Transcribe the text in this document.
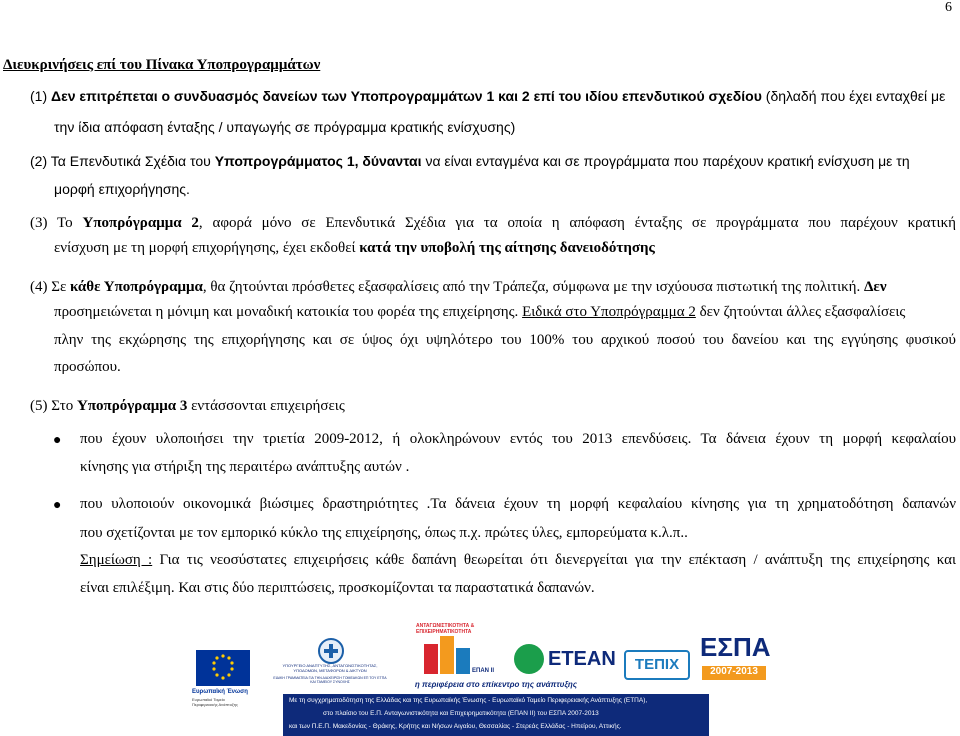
6
Διευκρινήσεις επί του Πίνακα Υποπρογραμμάτων
(1) Δεν επιτρέπεται ο συνδυασμός δανείων των Υποπρογραμμάτων 1 και 2 επί του ιδίου επενδυτικού σχεδίου (δηλαδή που έχει ενταχθεί με
την ίδια απόφαση ένταξης / υπαγωγής σε πρόγραμμα κρατικής ενίσχυσης)
(2) Τα Επενδυτικά Σχέδια του Υποπρογράμματος 1, δύνανται να είναι ενταγμένα και σε προγράμματα που παρέχουν κρατική ενίσχυση με τη
μορφή επιχορήγησης.
(3) Το Υποπρόγραμμα 2, αφορά μόνο σε Επενδυτικά Σχέδια για τα οποία η απόφαση ένταξης σε προγράμματα που παρέχουν κρατική
ενίσχυση με τη μορφή επιχορήγησης, έχει εκδοθεί κατά την υποβολή της αίτησης δανειοδότησης
(4) Σε κάθε Υποπρόγραμμα, θα ζητούνται πρόσθετες εξασφαλίσεις από την Τράπεζα, σύμφωνα με την ισχύουσα πιστωτική της πολιτική. Δεν
προσημειώνεται η μόνιμη και μοναδική κατοικία του φορέα της επιχείρησης. Ειδικά στο Υποπρόγραμμα 2 δεν ζητούνται άλλες εξασφαλίσεις
πλην της εκχώρησης της επιχορήγησης και σε ύψος όχι υψηλότερο του 100% του αρχικού ποσού του δανείου και της εγγύησης φυσικού
προσώπου.
(5) Στο Υποπρόγραμμα 3 εντάσσονται επιχειρήσεις
● που έχουν υλοποιήσει την τριετία 2009-2012, ή ολοκληρώνουν εντός του 2013 επενδύσεις. Τα δάνεια έχουν τη μορφή κεφαλαίου
κίνησης για στήριξη της περαιτέρω ανάπτυξης αυτών .
● που υλοποιούν οικονομικά βιώσιμες δραστηριότητες .Τα δάνεια έχουν τη μορφή κεφαλαίου κίνησης για τη χρηματοδότηση δαπανών
που σχετίζονται με τον εμπορικό κύκλο της επιχείρησης, όπως π.χ. πρώτες ύλες, εμπορεύματα κ.λ.π..
Σημείωση : Για τις νεοσύστατες επιχειρήσεις κάθε δαπάνη θεωρείται ότι διενεργείται για την επέκταση / ανάπτυξη της επιχείρησης και
είναι επιλέξιμη. Και στις δύο περιπτώσεις, προσκομίζονται τα παραστατικά δαπανών.
Ευρωπαϊκή Ένωση
Ευρωπαϊκό Ταμείο
Περιφερειακής Ανάπτυξης
ΥΠΟΥΡΓΕΙΟ ΑΝΑΠΤΥΞΗΣ, ΑΝΤΑΓΩΝΙΣΤΙΚΟΤΗΤΑΣ, ΥΠΟΔΟΜΩΝ, ΜΕΤΑΦΟΡΩΝ & ΔΙΚΤΥΩΝ
ΕΙΔΙΚΗ ΓΡΑΜΜΑΤΕΙΑ ΓΙΑ ΤΗΝ ΔΙΑΧΕΙΡΙΣΗ ΤΟΜΕΑΚΩΝ ΕΠ ΤΟΥ ΕΤΠΑ ΚΑΙ ΤΑΜΕΙΟΥ ΣΥΝΟΧΗΣ
ΑΝΤΑΓΩΝΙΣΤΙΚΟΤΗΤΑ & ΕΠΙΧΕΙΡΗΜΑΤΙΚΟΤΗΤΑ
ΕΠΑΝ ΙΙ
ΕΤΕΑΝ	ΕΣΠΑ
2007-2013
ΤΕΠΙΧ
η περιφέρεια στο επίκεντρο της ανάπτυξης
Με τη συγχρηματοδότηση της Ελλάδας και της Ευρωπαϊκής Ένωσης - Ευρωπαϊκό Ταμείο Περιφερειακής Ανάπτυξης (ΕΤΠΑ),
στο πλαίσιο του Ε.Π. Ανταγωνιστικότητα και Επιχειρηματικότητα (ΕΠΑΝ ΙΙ) του ΕΣΠΑ 2007-2013
και των Π.Ε.Π. Μακεδονίας - Θράκης, Κρήτης και Νήσων Αιγαίου, Θεσσαλίας - Στερεάς Ελλάδας - Ηπείρου, Αττικής.
